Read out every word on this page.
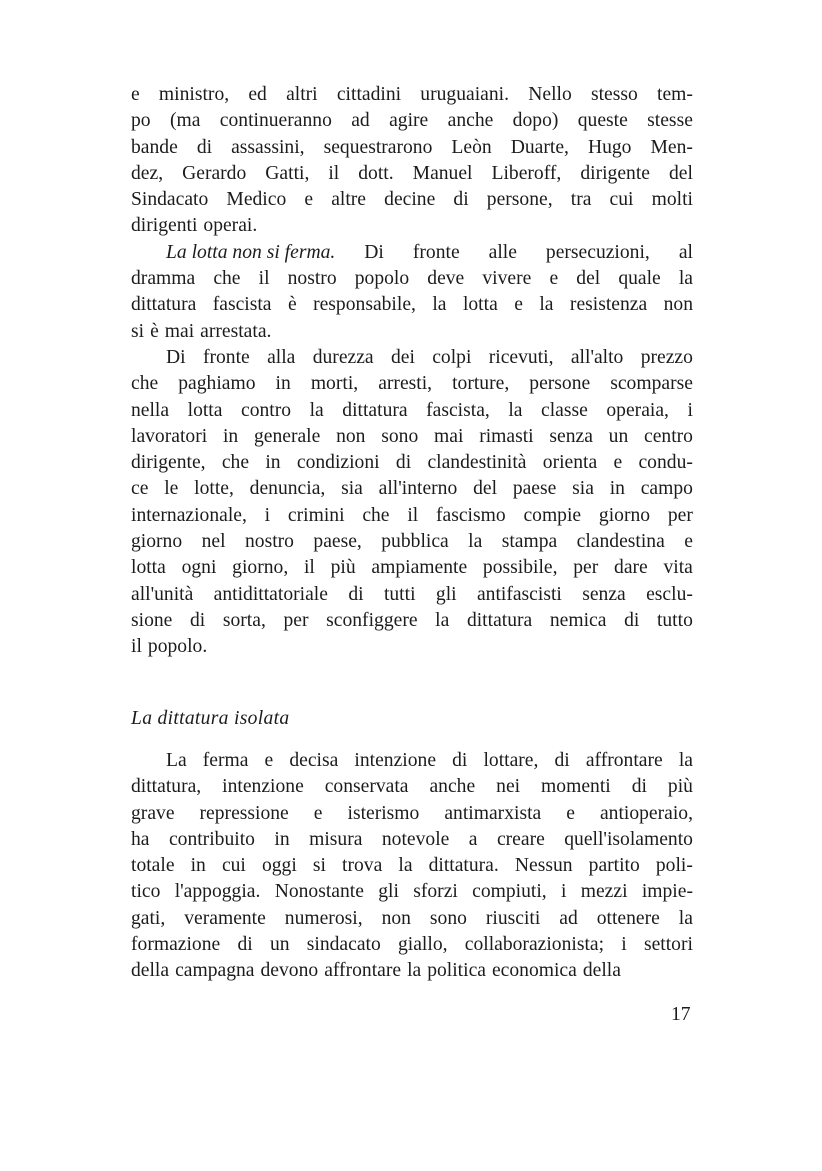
e ministro, ed altri cittadini uruguaiani. Nello stesso tem-
po (ma continueranno ad agire anche dopo) queste stesse
bande di assassini, sequestrarono Leòn Duarte, Hugo Men-
dez, Gerardo Gatti, il dott. Manuel Liberoff, dirigente del
Sindacato Medico e altre decine di persone, tra cui molti
dirigenti operai.
La lotta non si ferma. Di fronte alle persecuzioni, al
dramma che il nostro popolo deve vivere e del quale la
dittatura fascista è responsabile, la lotta e la resistenza non
si è mai arrestata.
Di fronte alla durezza dei colpi ricevuti, all'alto prezzo
che paghiamo in morti, arresti, torture, persone scomparse
nella lotta contro la dittatura fascista, la classe operaia, i
lavoratori in generale non sono mai rimasti senza un centro
dirigente, che in condizioni di clandestinità orienta e condu-
ce le lotte, denuncia, sia all'interno del paese sia in campo
internazionale, i crimini che il fascismo compie giorno per
giorno nel nostro paese, pubblica la stampa clandestina e
lotta ogni giorno, il più ampiamente possibile, per dare vita
all'unità antidittatoriale di tutti gli antifascisti senza esclu-
sione di sorta, per sconfiggere la dittatura nemica di tutto
il popolo.
La dittatura isolata
La ferma e decisa intenzione di lottare, di affrontare la
dittatura, intenzione conservata anche nei momenti di più
grave repressione e isterismo antimarxista e antioperaio,
ha contribuito in misura notevole a creare quell'isolamento
totale in cui oggi si trova la dittatura. Nessun partito poli-
tico l'appoggia. Nonostante gli sforzi compiuti, i mezzi impie-
gati, veramente numerosi, non sono riusciti ad ottenere la
formazione di un sindacato giallo, collaborazionista; i settori
della campagna devono affrontare la politica economica della
17
